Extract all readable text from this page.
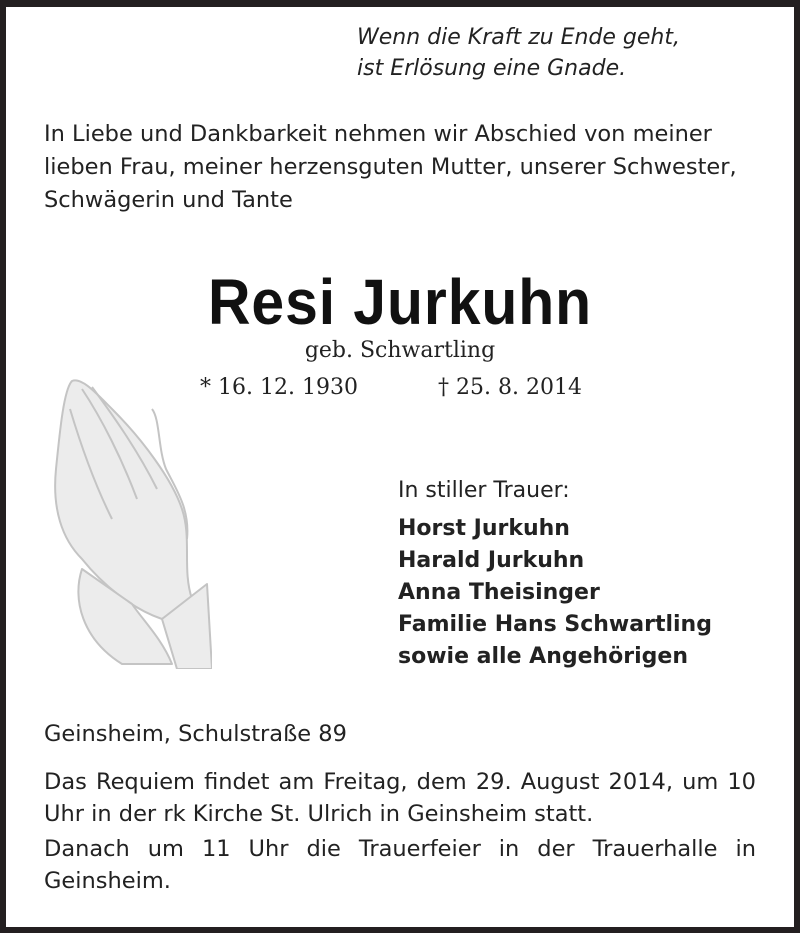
Wenn die Kraft zu Ende geht,
ist Erlösung eine Gnade.
In Liebe und Dankbarkeit nehmen wir Abschied von meiner
lieben Frau, meiner herzensguten Mutter, unserer Schwester,
Schwägerin und Tante
Resi Jurkuhn
geb. Schwartling
* 16. 12. 1930	† 25. 8. 2014
In stiller Trauer:
Horst Jurkuhn
Harald Jurkuhn
Anna Theisinger
Familie Hans Schwartling
sowie alle Angehörigen
Geinsheim, Schulstraße 89
Das Requiem findet am Freitag, dem 29. August 2014, um 10 Uhr in der rk Kirche St. Ulrich in Geinsheim statt.
Danach um 11 Uhr die Trauerfeier in der Trauerhalle in Geinsheim.
